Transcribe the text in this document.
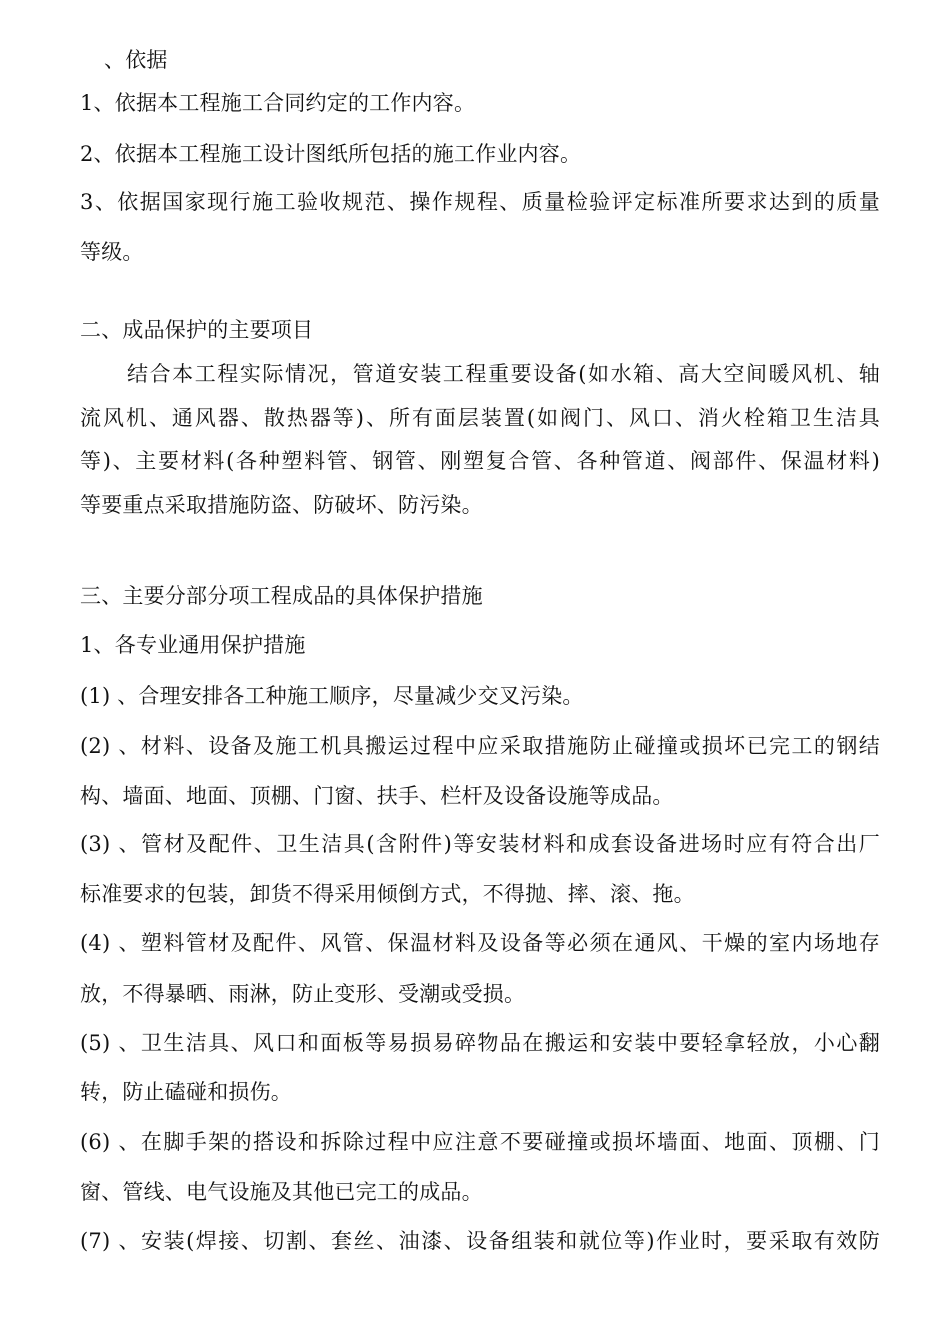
、依据
1、依据本工程施工合同约定的工作内容。
2、依据本工程施工设计图纸所包括的施工作业内容。
3、依据国家现行施工验收规范、操作规程、质量检验评定标准所要求达到的质量
等级。
二、成品保护的主要项目
结合本工程实际情况，管道安装工程重要设备(如水箱、高大空间暖风机、轴
流风机、通风器、散热器等)、所有面层装置(如阀门、风口、消火栓箱卫生洁具
等)、主要材料(各种塑料管、钢管、刚塑复合管、各种管道、阀部件、保温材料)
等要重点采取措施防盗、防破坏、防污染。
三、主要分部分项工程成品的具体保护措施
1、各专业通用保护措施
(1) 、合理安排各工种施工顺序，尽量减少交叉污染。
(2) 、材料、设备及施工机具搬运过程中应采取措施防止碰撞或损坏已完工的钢结
构、墙面、地面、顶棚、门窗、扶手、栏杆及设备设施等成品。
(3) 、管材及配件、卫生洁具(含附件)等安装材料和成套设备进场时应有符合出厂
标准要求的包装，卸货不得采用倾倒方式，不得抛、摔、滚、拖。
(4) 、塑料管材及配件、风管、保温材料及设备等必须在通风、干燥的室内场地存
放，不得暴晒、雨淋，防止变形、受潮或受损。
(5) 、卫生洁具、风口和面板等易损易碎物品在搬运和安装中要轻拿轻放，小心翻
转，防止磕碰和损伤。
(6) 、在脚手架的搭设和拆除过程中应注意不要碰撞或损坏墙面、地面、顶棚、门
窗、管线、电气设施及其他已完工的成品。
(7) 、安装(焊接、切割、套丝、油漆、设备组装和就位等)作业时，要采取有效防
